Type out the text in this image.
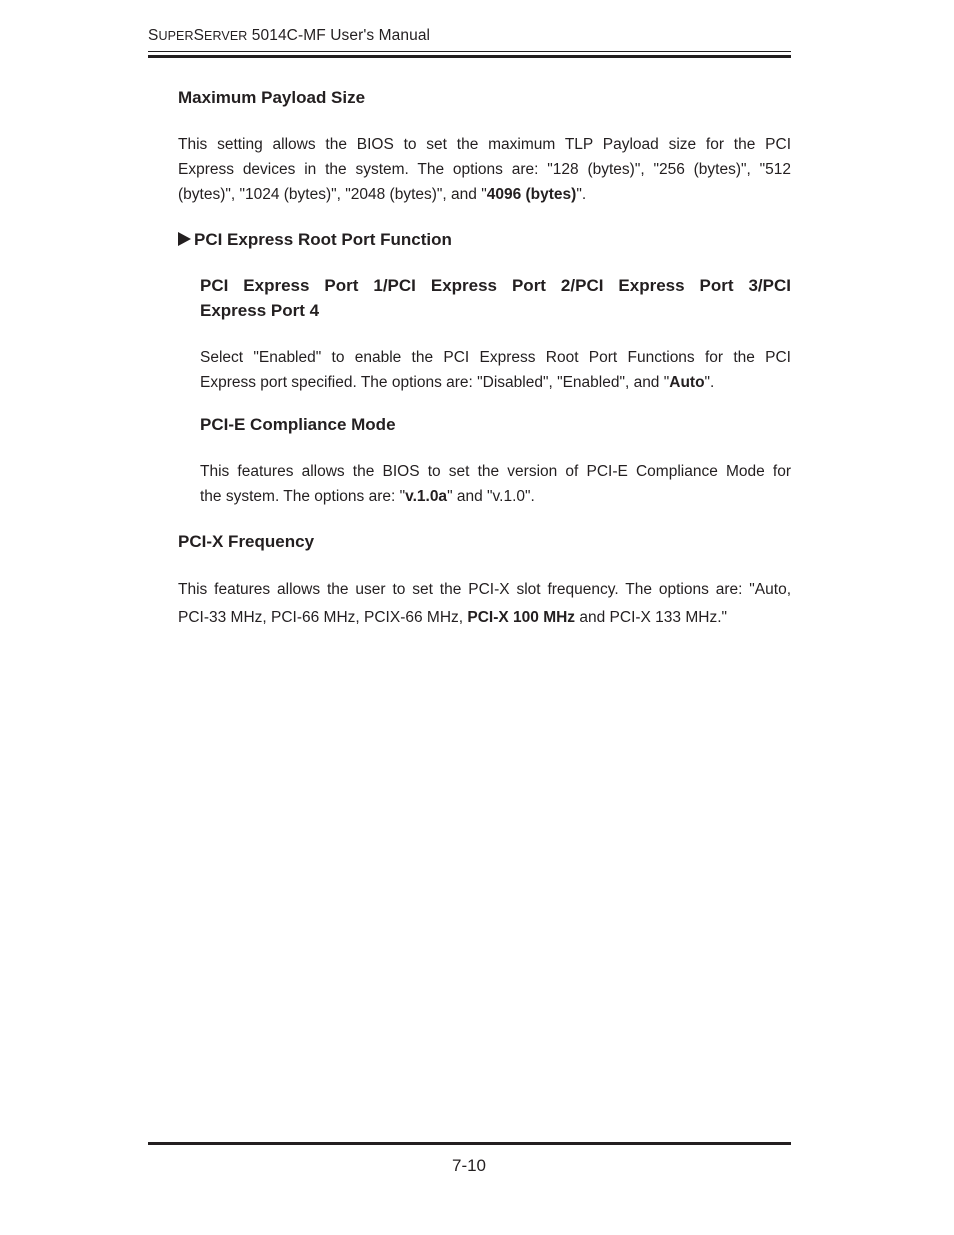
SUPERSERVER 5014C-MF User's Manual
Maximum Payload Size
This setting allows the BIOS to set the maximum TLP Payload size for the PCI
Express devices in the system. The options are: "128 (bytes)", "256 (bytes)", "512
(bytes)", "1024 (bytes)", "2048 (bytes)", and "4096 (bytes)".
PCI Express Root Port Function
PCI Express Port 1/PCI Express Port 2/PCI Express Port 3/PCI
Express Port 4
Select "Enabled" to enable the PCI Express Root Port Functions for the PCI
Express port specified. The options are: "Disabled", "Enabled", and "Auto".
PCI-E Compliance Mode
This features allows the BIOS to set the version of PCI-E Compliance Mode for
the system. The options are: "v.1.0a" and "v.1.0".
PCI-X Frequency
This features allows the user to set the PCI-X slot frequency. The options are: "Auto,
PCI-33 MHz, PCI-66 MHz, PCIX-66 MHz, PCI-X 100 MHz and PCI-X 133 MHz."
7-10
